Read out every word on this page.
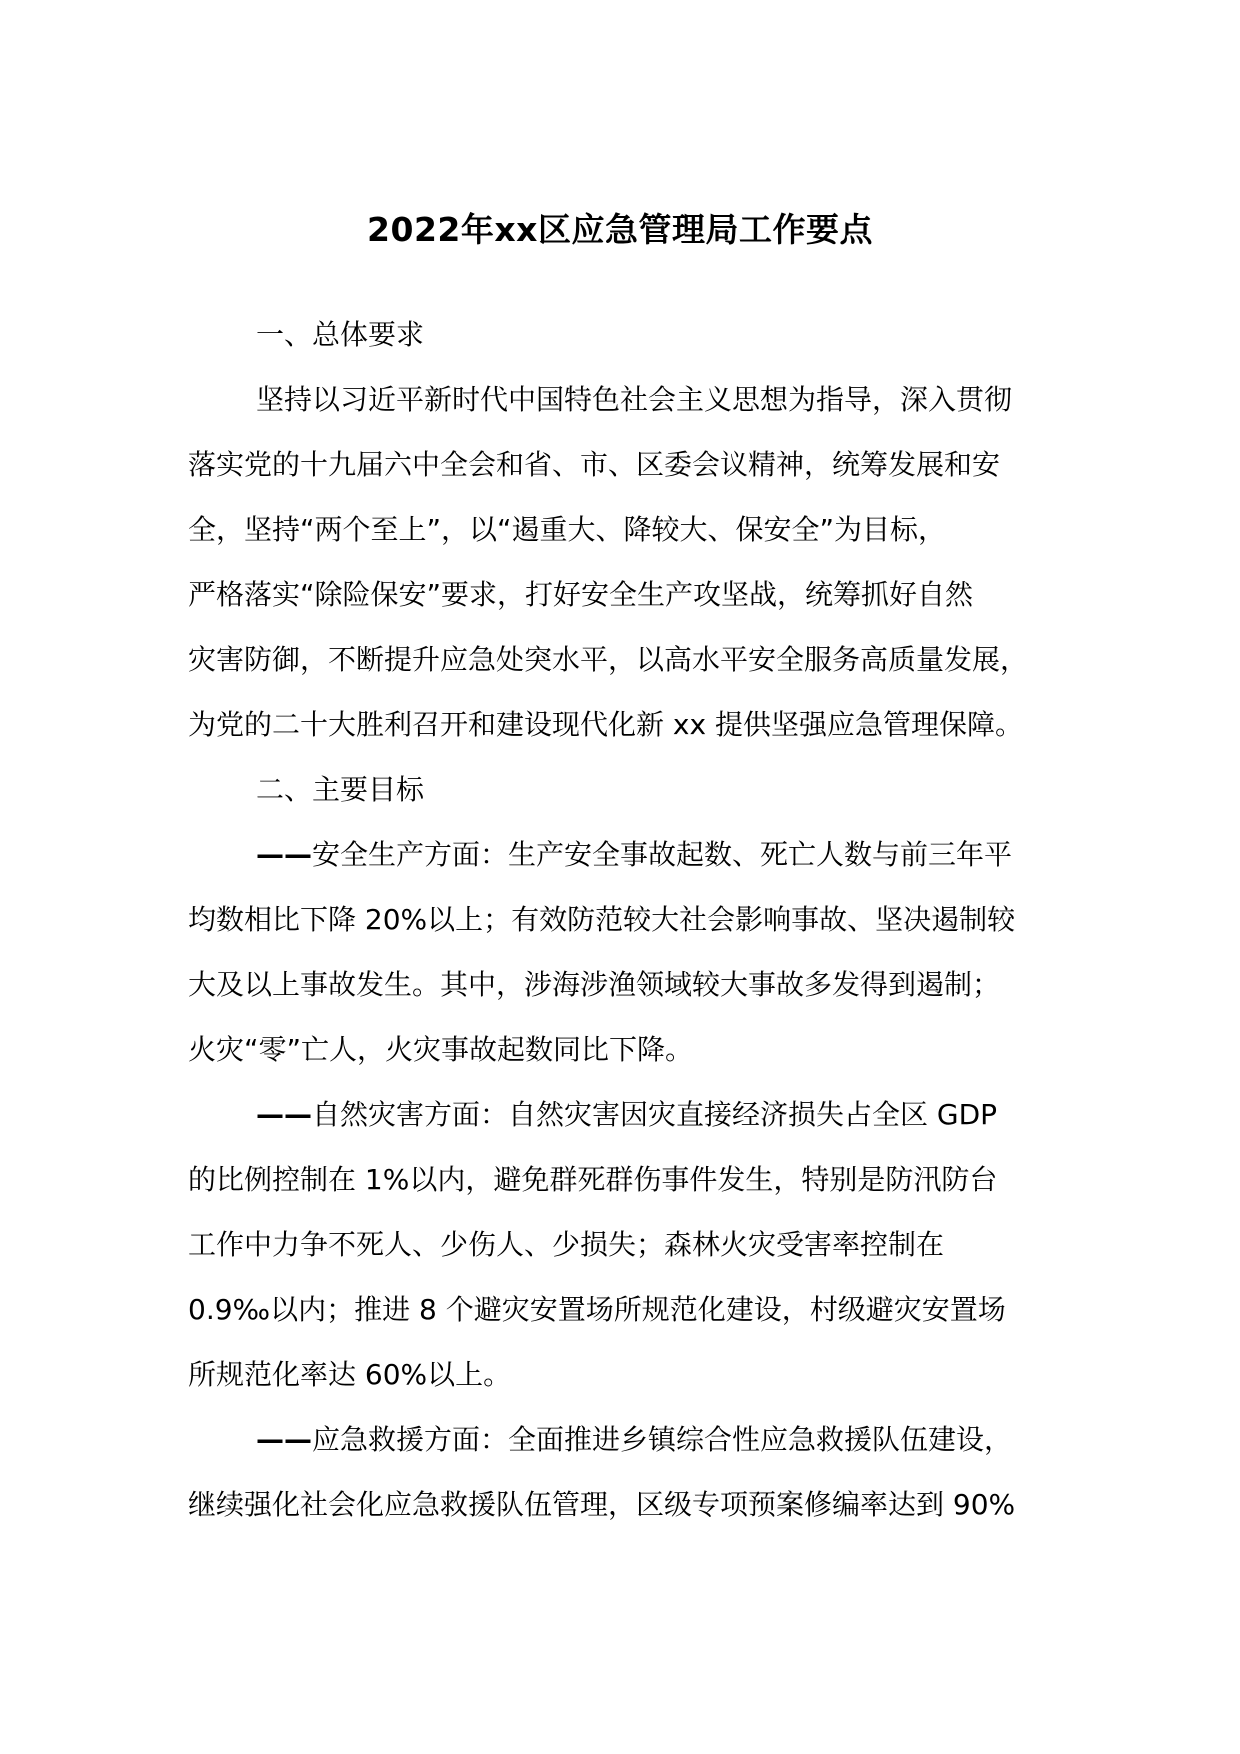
2022年xx区应急管理局工作要点
一、总体要求
坚持以习近平新时代中国特色社会主义思想为指导，深入贯彻
落实党的十九届六中全会和省、市、区委会议精神，统筹发展和安
全，坚持“两个至上”，以“遏重大、降较大、保安全”为目标，
严格落实“除险保安”要求，打好安全生产攻坚战，统筹抓好自然
灾害防御，不断提升应急处突水平，以高水平安全服务高质量发展，
为党的二十大胜利召开和建设现代化新 xx 提供坚强应急管理保障。
二、主要目标
——安全生产方面：生产安全事故起数、死亡人数与前三年平
均数相比下降 20%以上；有效防范较大社会影响事故、坚决遏制较
大及以上事故发生。其中，涉海涉渔领域较大事故多发得到遏制；
火灾“零”亡人，火灾事故起数同比下降。
——自然灾害方面：自然灾害因灾直接经济损失占全区 GDP
的比例控制在 1%以内，避免群死群伤事件发生，特别是防汛防台
工作中力争不死人、少伤人、少损失；森林火灾受害率控制在
0.9‰以内；推进 8 个避灾安置场所规范化建设，村级避灾安置场
所规范化率达 60%以上。
——应急救援方面：全面推进乡镇综合性应急救援队伍建设，
继续强化社会化应急救援队伍管理，区级专项预案修编率达到 90%
